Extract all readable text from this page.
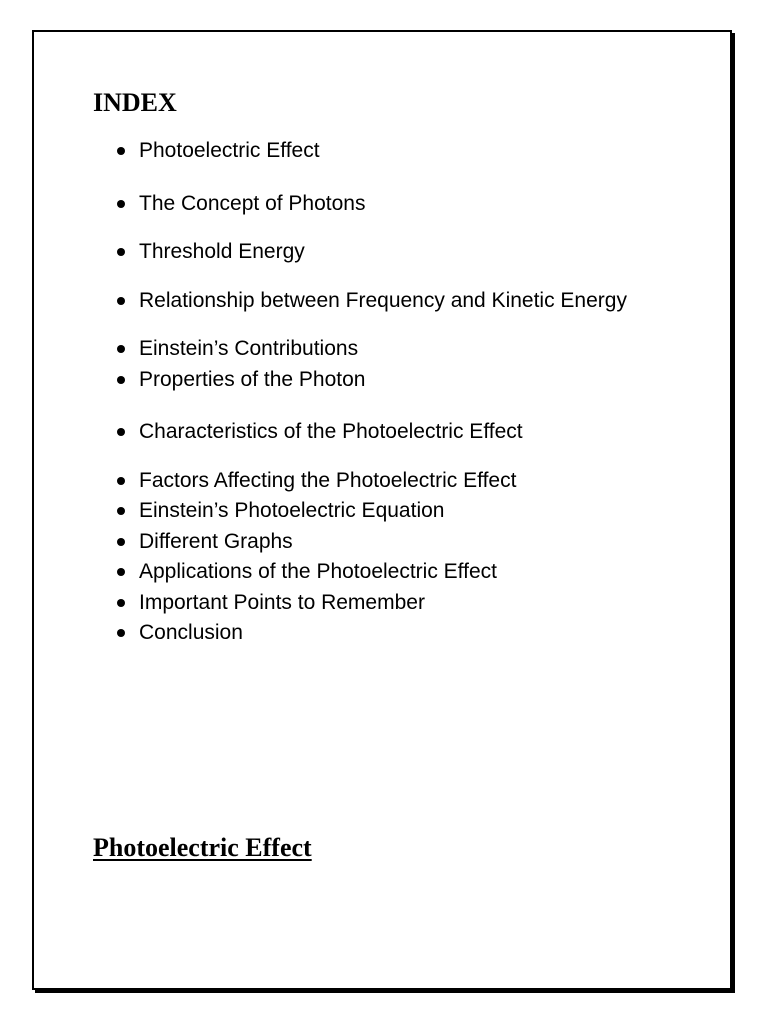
INDEX
Photoelectric Effect
The Concept of Photons
Threshold Energy
Relationship between Frequency and Kinetic Energy
Einstein’s Contributions
Properties of the Photon
Characteristics of the Photoelectric Effect
Factors Affecting the Photoelectric Effect
Einstein’s Photoelectric Equation
Different Graphs
Applications of the Photoelectric Effect
Important Points to Remember
Conclusion
Photoelectric Effect
